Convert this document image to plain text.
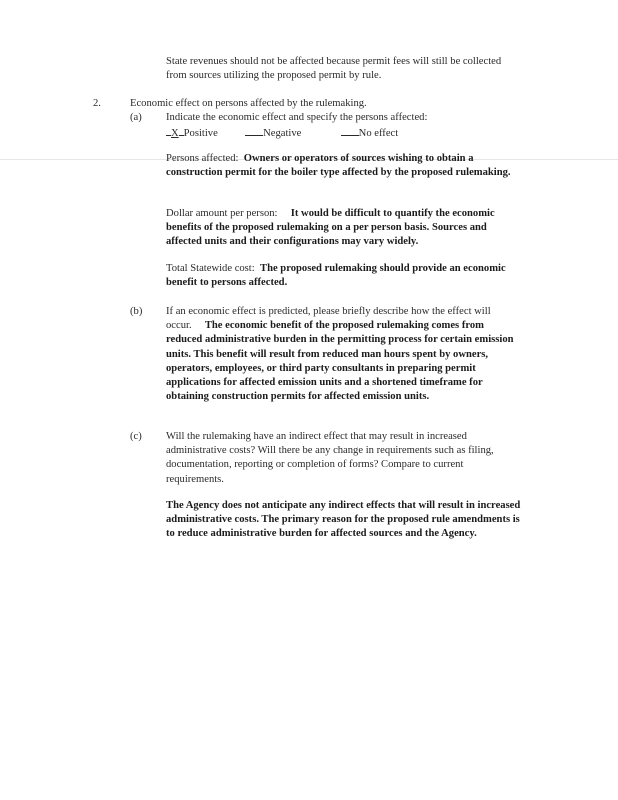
State revenues should not be affected because permit fees will still be collected from sources utilizing the proposed permit by rule.
2.	Economic effect on persons affected by the rulemaking.
(a) Indicate the economic effect and specify the persons affected:
X Positive	Negative	No effect
Persons affected: Owners or operators of sources wishing to obtain a construction permit for the boiler type affected by the proposed rulemaking.
Dollar amount per person: It would be difficult to quantify the economic benefits of the proposed rulemaking on a per person basis. Sources and affected units and their configurations may vary widely.
Total Statewide cost: The proposed rulemaking should provide an economic benefit to persons affected.
(b) If an economic effect is predicted, please briefly describe how the effect will occur. The economic benefit of the proposed rulemaking comes from reduced administrative burden in the permitting process for certain emission units. This benefit will result from reduced man hours spent by owners, operators, employees, or third party consultants in preparing permit applications for affected emission units and a shortened timeframe for obtaining construction permits for affected emission units.
(c) Will the rulemaking have an indirect effect that may result in increased administrative costs? Will there be any change in requirements such as filing, documentation, reporting or completion of forms? Compare to current requirements.
The Agency does not anticipate any indirect effects that will result in increased administrative costs. The primary reason for the proposed rule amendments is to reduce administrative burden for affected sources and the Agency.
